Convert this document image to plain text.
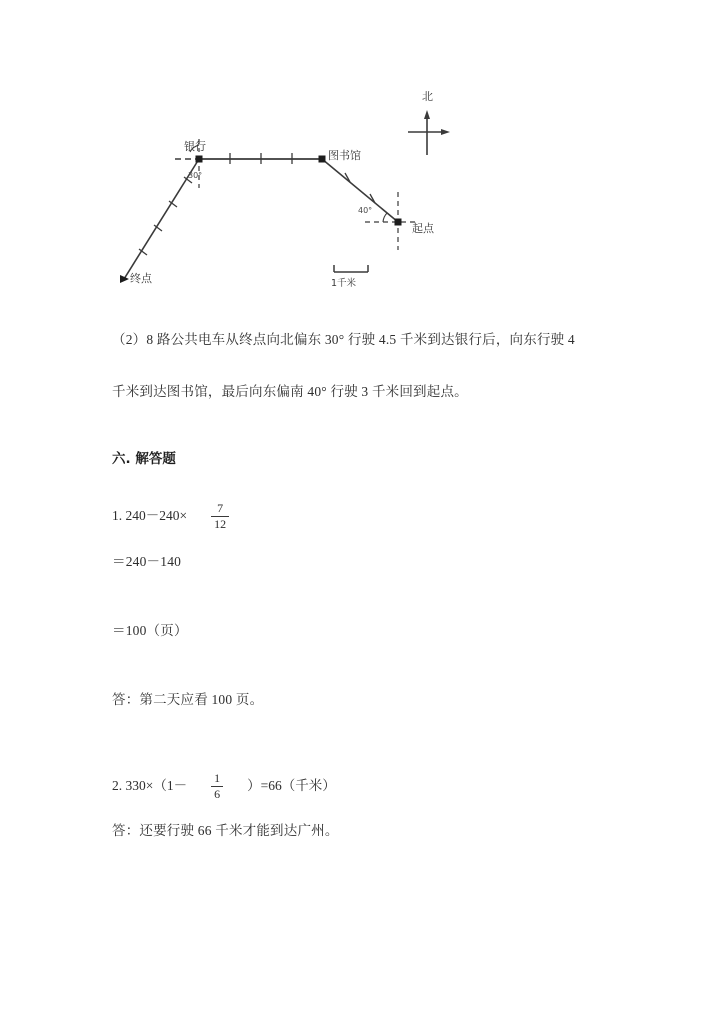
北
银行
图书馆
起点
终点
30°
40°
1千米
（2）8 路公共电车从终点向北偏东 30° 行驶 4.5 千米到达银行后，向东行驶 4
千米到达图书馆，最后向东偏南 40° 行驶 3 千米回到起点。
六. 解答题
1. $240-240\times \frac{7}{12}$
＝240－140
＝100（页）
答：第二天应看 100 页。
2. $330\times(1- \frac{1}{6} )=66$（千米）
答：还要行驶 66 千米才能到达广州。
